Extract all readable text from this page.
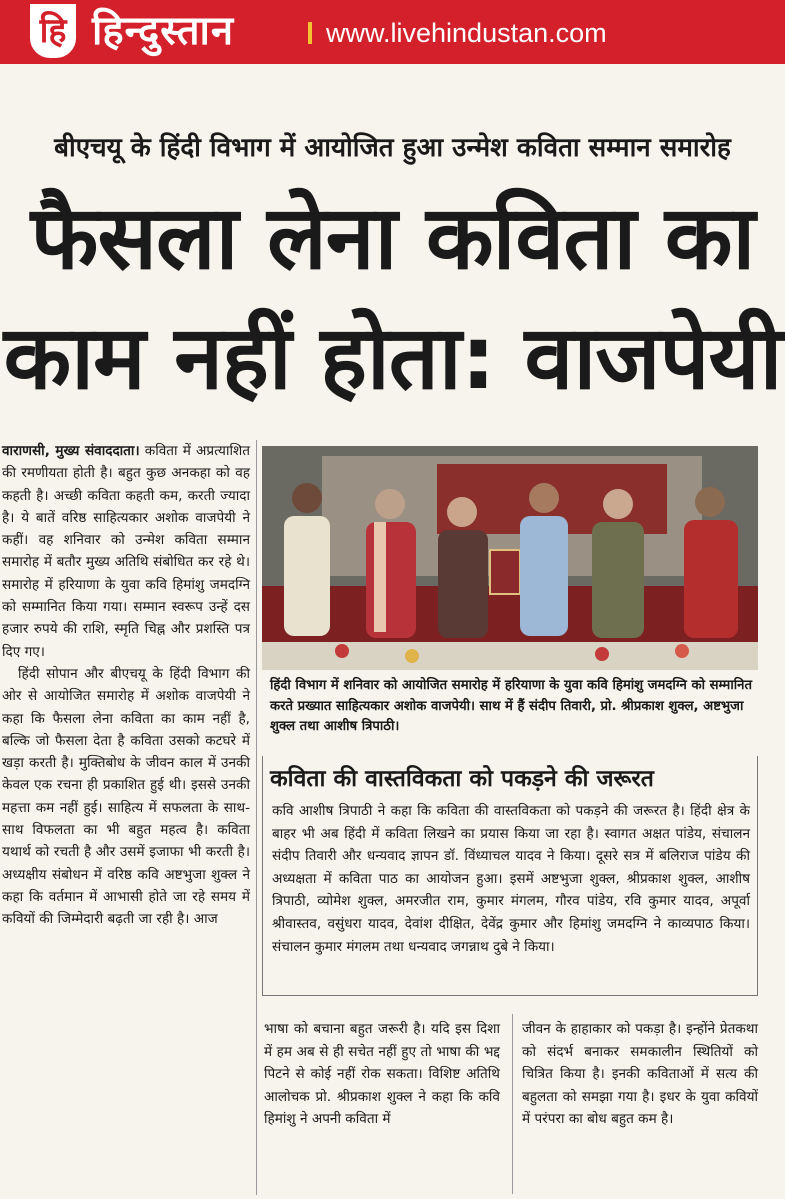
हि हिन्दुस्तान	www.livehindustan.com
बीएचयू के हिंदी विभाग में आयोजित हुआ उन्मेश कविता सम्मान समारोह
फैसला लेना कविता का
काम नहीं होता: वाजपेयी

वाराणसी, मुख्य संवाददाता। कविता में अप्रत्याशित की रमणीयता होती है। बहुत कुछ अनकहा को वह कहती है। अच्छी कविता कहती कम, करती ज्यादा है। ये बातें वरिष्ठ साहित्यकार अशोक वाजपेयी ने कहीं। वह शनिवार को उन्मेश कविता सम्मान समारोह में बतौर मुख्य अतिथि संबोधित कर रहे थे। समारोह में हरियाणा के युवा कवि हिमांशु जमदग्नि को सम्मानित किया गया। सम्मान स्वरूप उन्हें दस हजार रुपये की राशि, स्मृति चिह्न और प्रशस्ति पत्र दिए गए।

हिंदी सोपान और बीएचयू के हिंदी विभाग की ओर से आयोजित समारोह में अशोक वाजपेयी ने कहा कि फैसला लेना कविता का काम नहीं है, बल्कि जो फैसला देता है कविता उसको कटघरे में खड़ा करती है। मुक्तिबोध के जीवन काल में उनकी केवल एक रचना ही प्रकाशित हुई थी। इससे उनकी महत्ता कम नहीं हुई। साहित्य में सफलता के साथ-साथ विफलता का भी बहुत महत्व है। कविता यथार्थ को रचती है और उसमें इजाफा भी करती है। अध्यक्षीय संबोधन में वरिष्ठ कवि अष्टभुजा शुक्ल ने कहा कि वर्तमान में आभासी होते जा रहे समय में कवियों की जिम्मेदारी बढ़ती जा रही है। आज

हिंदी विभाग में शनिवार को आयोजित समारोह में हरियाणा के युवा कवि हिमांशु जमदग्नि को सम्मानित करते प्रख्यात साहित्यकार अशोक वाजपेयी। साथ में हैं संदीप तिवारी, प्रो. श्रीप्रकाश शुक्ल, अष्टभुजा शुक्ल तथा आशीष त्रिपाठी।
कविता की वास्तविकता को पकड़ने की जरूरत
कवि आशीष त्रिपाठी ने कहा कि कविता की वास्तविकता को पकड़ने की जरूरत है। हिंदी क्षेत्र के बाहर भी अब हिंदी में कविता लिखने का प्रयास किया जा रहा है। स्वागत अक्षत पांडेय, संचालन संदीप तिवारी और धन्यवाद ज्ञापन डॉ. विंध्याचल यादव ने किया। दूसरे सत्र में बलिराज पांडेय की अध्यक्षता में कविता पाठ का आयोजन हुआ। इसमें अष्टभुजा शुक्ल, श्रीप्रकाश शुक्ल, आशीष त्रिपाठी, व्योमेश शुक्ल, अमरजीत राम, कुमार मंगलम, गौरव पांडेय, रवि कुमार यादव, अपूर्वा श्रीवास्तव, वसुंधरा यादव, देवांश दीक्षित, देवेंद्र कुमार और हिमांशु जमदग्नि ने काव्यपाठ किया। संचालन कुमार मंगलम तथा धन्यवाद जगन्नाथ दुबे ने किया।
भाषा को बचाना बहुत जरूरी है। यदि इस दिशा में हम अब से ही सचेत नहीं हुए तो भाषा की भद्द पिटने से कोई नहीं रोक सकता। विशिष्ट अतिथि आलोचक प्रो. श्रीप्रकाश शुक्ल ने कहा कि कवि हिमांशु ने अपनी कविता में
जीवन के हाहाकार को पकड़ा है। इन्होंने प्रेतकथा को संदर्भ बनाकर समकालीन स्थितियों को चित्रित किया है। इनकी कविताओं में सत्य की बहुलता को समझा गया है। इधर के युवा कवियों में परंपरा का बोध बहुत कम है।
